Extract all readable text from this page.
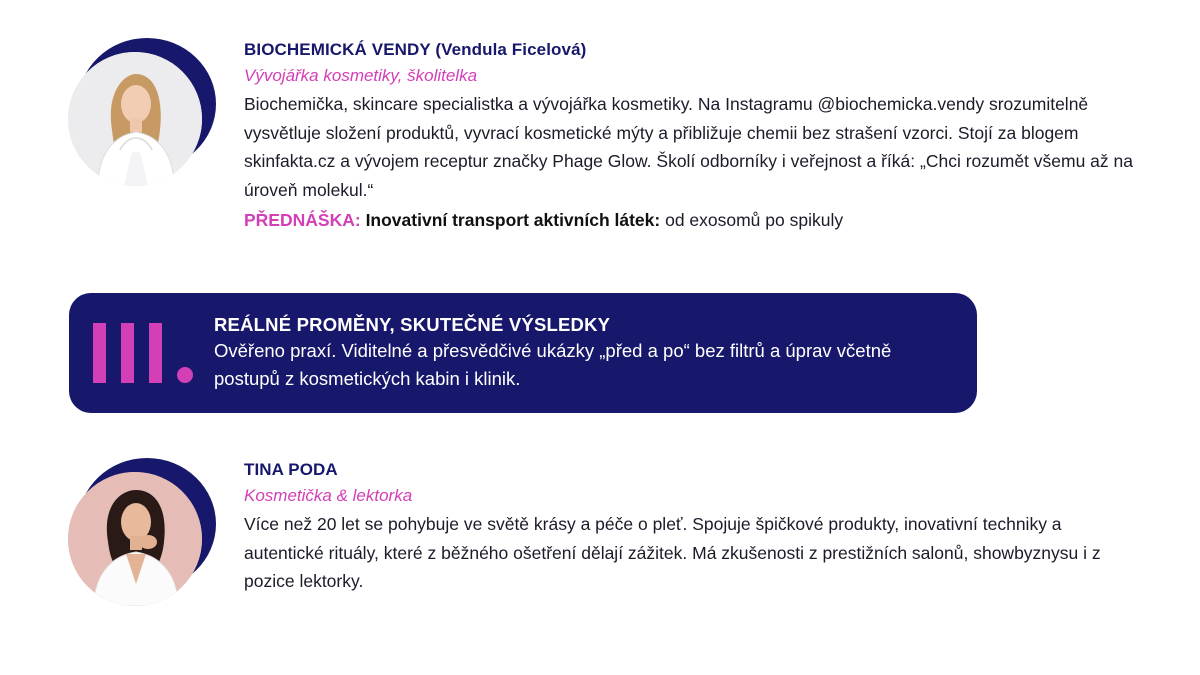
BIOCHEMICKÁ VENDY (Vendula Ficelová)
Vývojářka kosmetiky, školitelka
Biochemička, skincare specialistka a vývojářka kosmetiky. Na Instagramu @biochemicka.vendy srozumitelně vysvětluje složení produktů, vyvrací kosmetické mýty a přibližuje chemii bez strašení vzorci. Stojí za blogem skinfakta.cz a vývojem receptur značky Phage Glow. Školí odborníky i veřejnost a říká: „Chci rozumět všemu až na úroveň molekul.“
PŘEDNÁŠKA: Inovativní transport aktivních látek: od exosomů po spikuly
REÁLNÉ PROMĚNY, SKUTEČNÉ VÝSLEDKY
Ověřeno praxí. Viditelné a přesvědčivé ukázky „před a po“ bez filtrů a úprav včetně postupů z kosmetických kabin i klinik.
TINA PODA
Kosmetička & lektorka
Více než 20 let se pohybuje ve světě krásy a péče o pleť. Spojuje špičkové produkty, inovativní techniky a autentické rituály, které z běžného ošetření dělají zážitek. Má zkušenosti z prestižních salonů, showbyznysu i z pozice lektorky.
